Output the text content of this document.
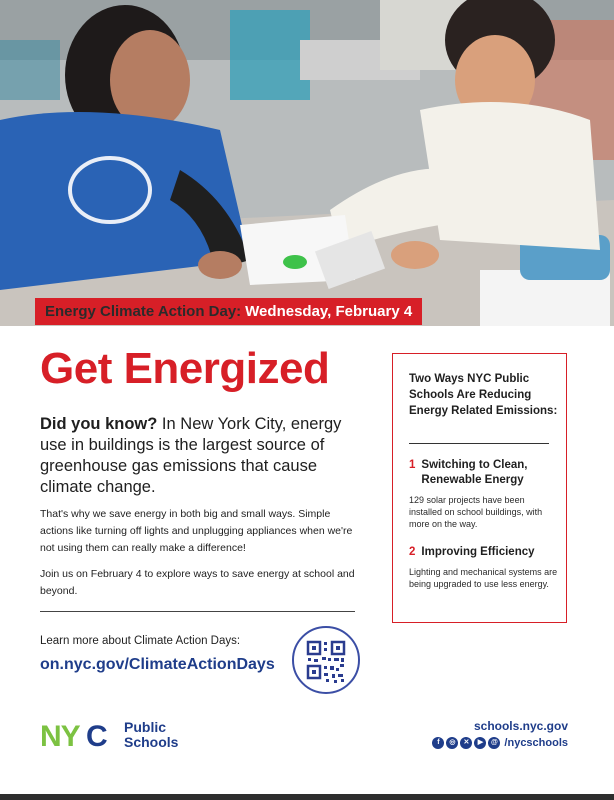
Energy Climate Action Day: Wednesday, February 4
Get Energized
Did you know? In New York City, energy use in buildings is the largest source of greenhouse gas emissions that cause climate change.
That's why we save energy in both big and small ways. Simple actions like turning off lights and unplugging appliances when we're not using them can really make a difference!
Join us on February 4 to explore ways to save energy at school and beyond.
Learn more about Climate Action Days:
on.nyc.gov/ClimateActionDays
Two Ways NYC Public Schools Are Reducing Energy Related Emissions:
1 Switching to Clean, Renewable Energy
129 solar projects have been installed on school buildings, with more on the way.
2 Improving Efficiency
Lighting and mechanical systems are being upgraded to use less energy.
NY C Public
Schools
schools.nyc.gov
f	◎	✕	▶	@ /nycschools
